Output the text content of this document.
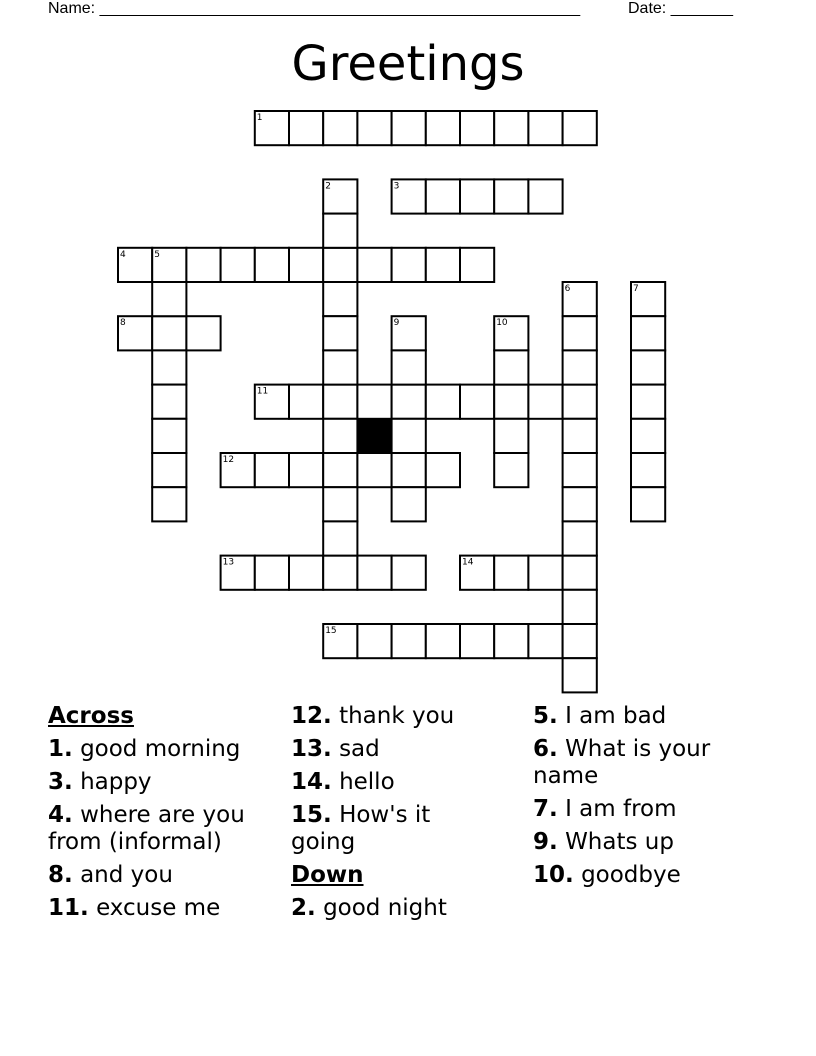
Name: ______________________________________________________	Date: _______
Greetings
1
3
4
8
11
12
13	14
15
2
5
6	7
9	10
Across
1. good morning
3. happy
4. where are you from (informal)
8. and you
11. excuse me
12. thank you
13. sad
14. hello
15. How's it going
Down
2. good night
5. I am bad
6. What is your name
7. I am from
9. Whats up
10. goodbye
